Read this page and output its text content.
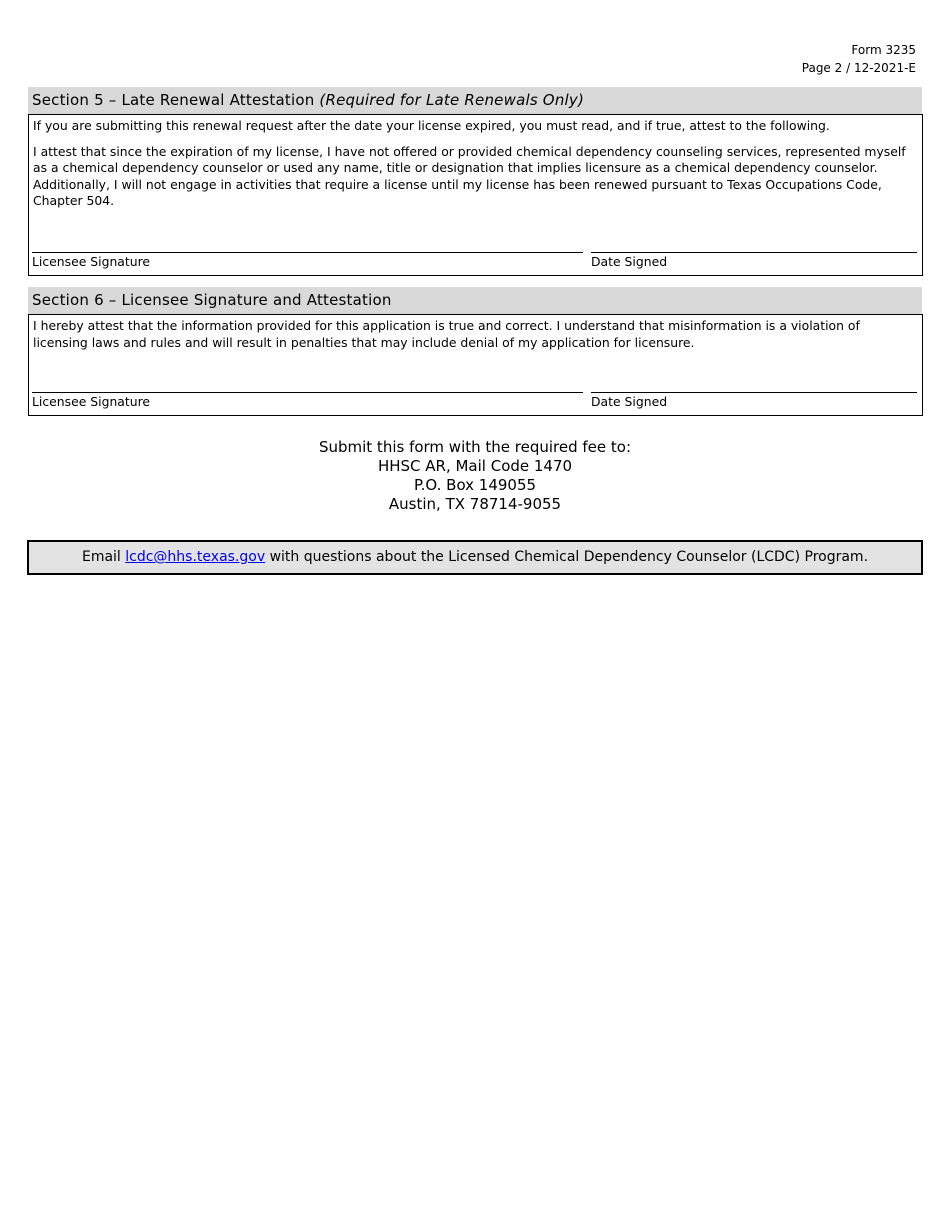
Form 3235
Page 2 / 12-2021-E
Section 5 – Late Renewal Attestation (Required for Late Renewals Only)

If you are submitting this renewal request after the date your license expired, you must read, and if true, attest to the following.

I attest that since the expiration of my license, I have not offered or provided chemical dependency counseling services, represented myself as a chemical dependency counselor or used any name, title or designation that implies licensure as a chemical dependency counselor. Additionally, I will not engage in activities that require a license until my license has been renewed pursuant to Texas Occupations Code, Chapter 504.

Licensee Signature	Date Signed
Section 6 – Licensee Signature and Attestation

I hereby attest that the information provided for this application is true and correct. I understand that misinformation is a violation of licensing laws and rules and will result in penalties that may include denial of my application for licensure.

Licensee Signature	Date Signed
Submit this form with the required fee to:
HHSC AR, Mail Code 1470
P.O. Box 149055
Austin, TX 78714-9055
Email lcdc@hhs.texas.gov with questions about the Licensed Chemical Dependency Counselor (LCDC) Program.
